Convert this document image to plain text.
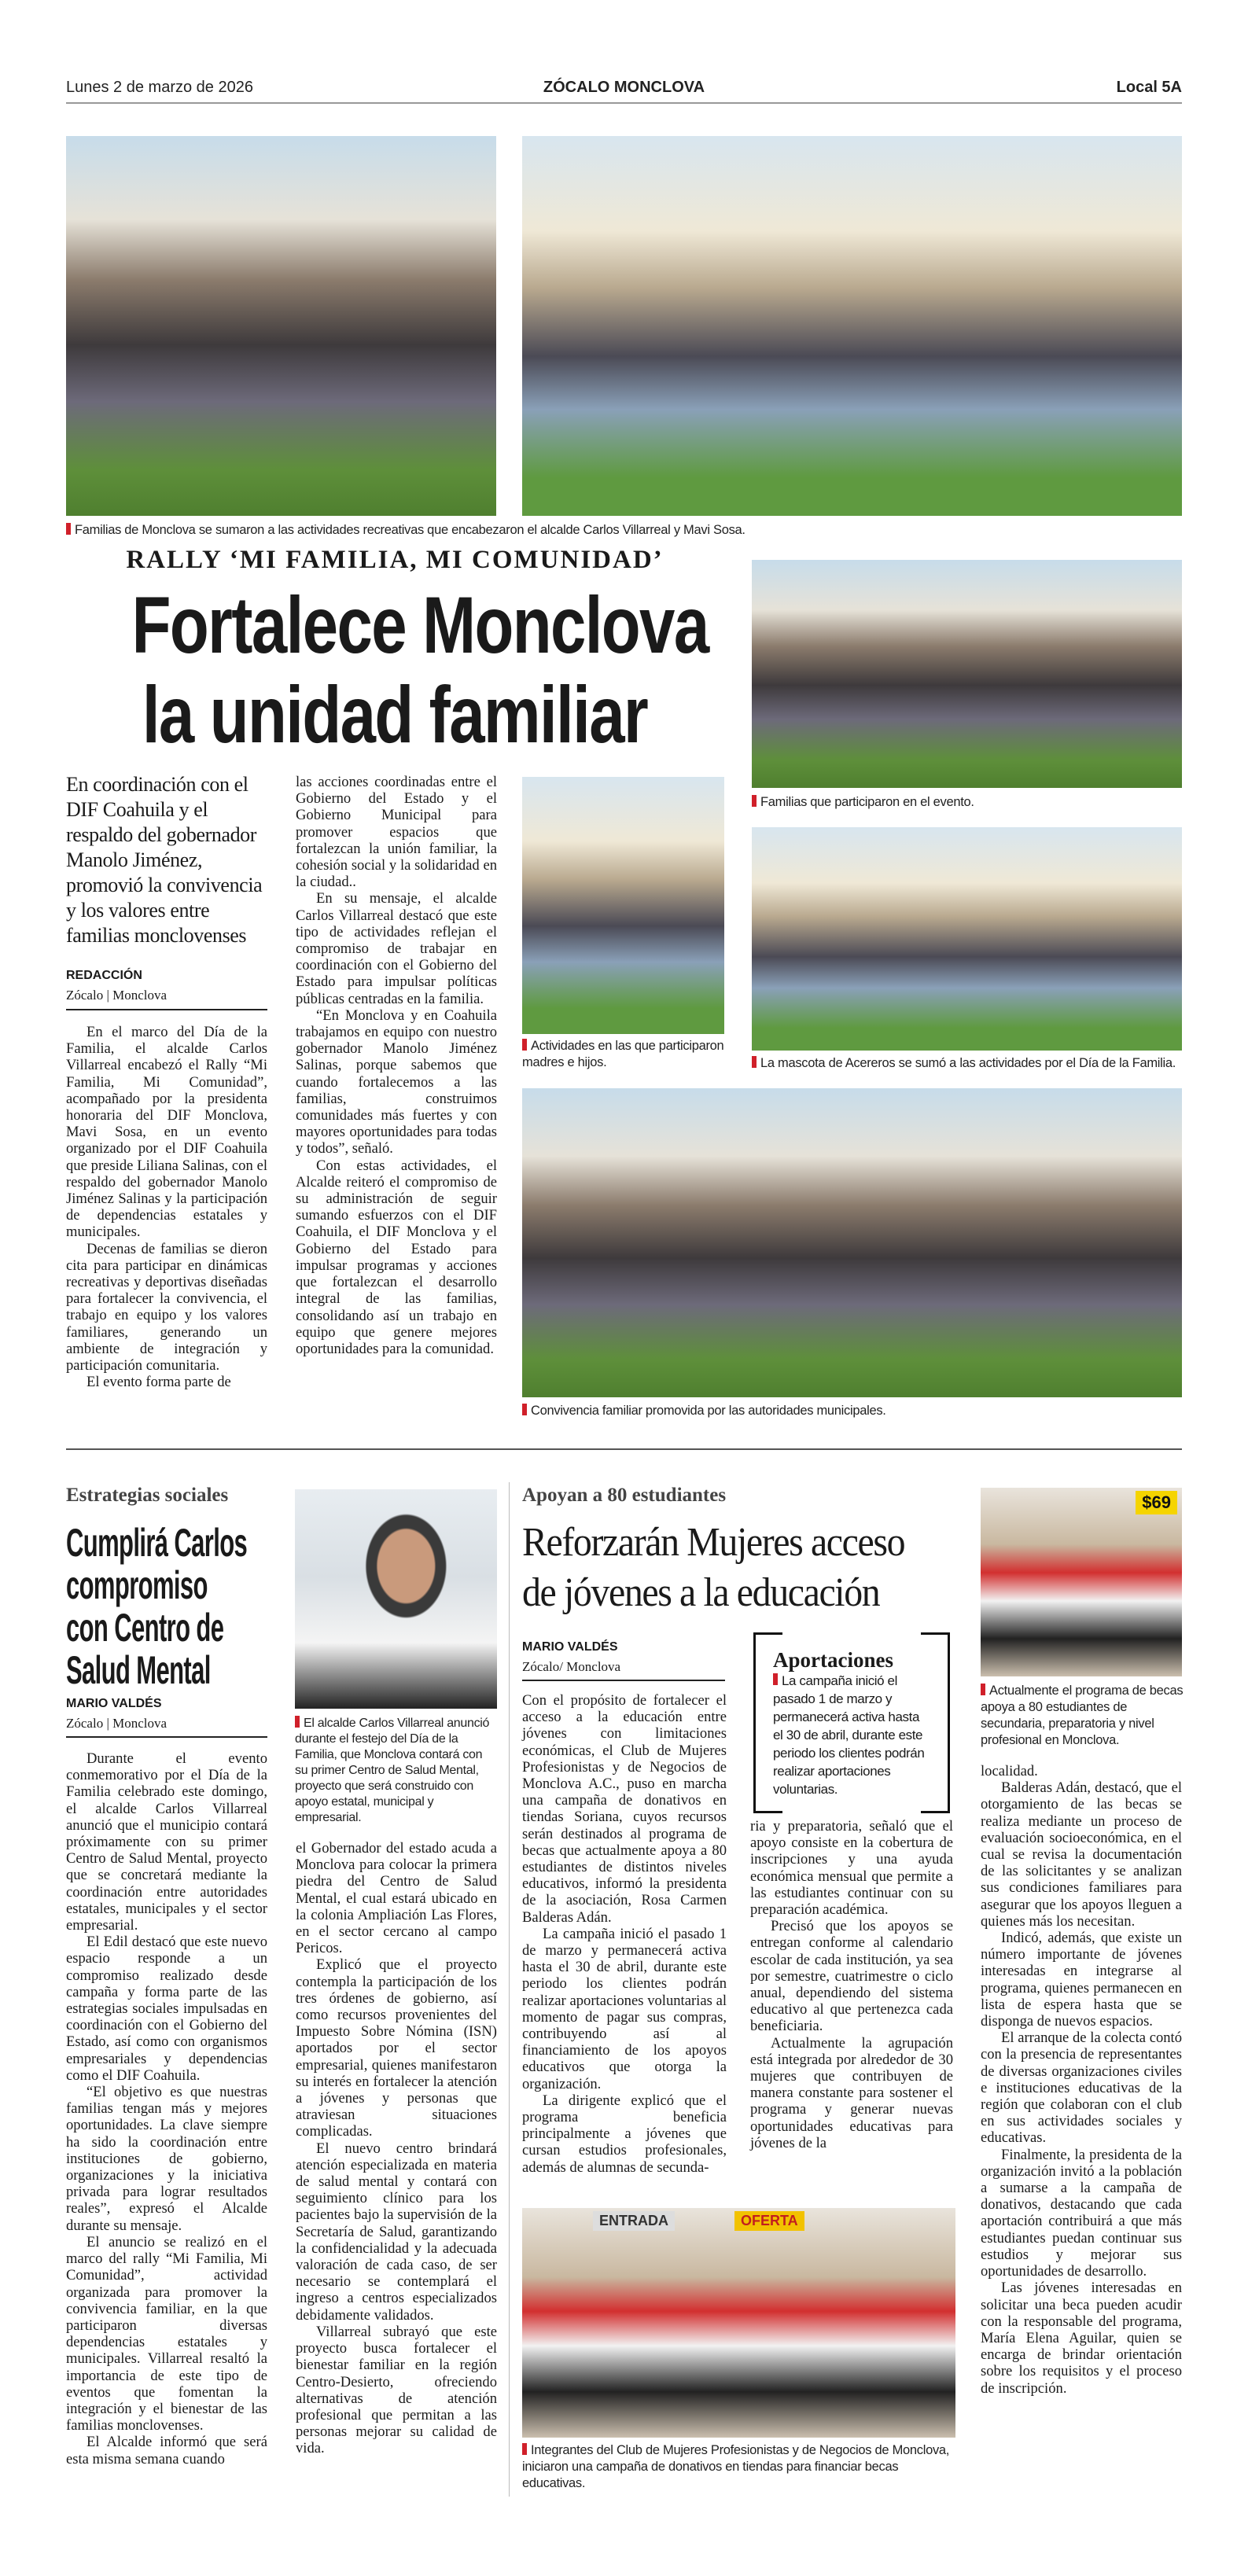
Lunes 2 de marzo de 2026	ZÓCALO MONCLOVA	Local 5A
Familias de Monclova se sumaron a las actividades recreativas que encabezaron el alcalde Carlos Villarreal y Mavi Sosa.
RALLY ‘MI FAMILIA, MI COMUNIDAD’
Fortalece Monclova
la unidad familiar
En coordinación con el DIF Coahuila y el respaldo del gobernador Manolo Jiménez, promovió la convivencia y los valores entre familias monclovenses
REDACCIÓN
Zócalo | Monclova

En el marco del Día de la Familia, el alcalde Carlos Villarreal encabezó el Rally “Mi Familia, Mi Comunidad”, acompañado por la presidenta honoraria del DIF Monclova, Mavi Sosa, en un evento organizado por el DIF Coahuila que preside Liliana Salinas, con el respaldo del gobernador Manolo Jiménez Salinas y la participación de dependencias estatales y municipales.

Decenas de familias se dieron cita para participar en dinámicas recreativas y deportivas diseñadas para fortalecer la convivencia, el trabajo en equipo y los valores familiares, generando un ambiente de integración y participación comunitaria.

El evento forma parte de

las acciones coordinadas entre el Gobierno del Estado y el Gobierno Municipal para promover espacios que fortalezcan la unión familiar, la cohesión social y la solidaridad en la ciudad..

En su mensaje, el alcalde Carlos Villarreal destacó que este tipo de actividades reflejan el compromiso de trabajar en coordinación con el Gobierno del Estado para impulsar políticas públicas centradas en la familia.

“En Monclova y en Coahuila trabajamos en equipo con nuestro gobernador Manolo Jiménez Salinas, porque sabemos que cuando fortalecemos a las familias, construimos comunidades más fuertes y con mayores oportunidades para todas y todos”, señaló.

Con estas actividades, el Alcalde reiteró el compromiso de su administración de seguir sumando esfuerzos con el DIF Coahuila, el DIF Monclova y el Gobierno del Estado para impulsar programas y acciones que fortalezcan el desarrollo integral de las familias, consolidando así un trabajo en equipo que genere mejores oportunidades para la comunidad.

Familias que participaron en el evento.
Actividades en las que participaron madres e hijos.	La mascota de Acereros se sumó a las actividades por el Día de la Familia.
Convivencia familiar promovida por las autoridades municipales.
Estrategias sociales
Cumplirá Carlos
compromiso
con Centro de
Salud Mental
MARIO VALDÉS
Zócalo | Monclova

Durante el evento conmemorativo por el Día de la Familia celebrado este domingo, el alcalde Carlos Villarreal anunció que el municipio contará próximamente con su primer Centro de Salud Mental, proyecto que se concretará mediante la coordinación entre autoridades estatales, municipales y el sector empresarial.

El Edil destacó que este nuevo espacio responde a un compromiso realizado desde campaña y forma parte de las estrategias sociales impulsadas en coordinación con el Gobierno del Estado, así como con organismos empresariales y dependencias como el DIF Coahuila.

“El objetivo es que nuestras familias tengan más y mejores oportunidades. La clave siempre ha sido la coordinación entre instituciones de gobierno, organizaciones y la iniciativa privada para lograr resultados reales”, expresó el Alcalde durante su mensaje.

El anuncio se realizó en el marco del rally “Mi Familia, Mi Comunidad”, actividad organizada para promover la convivencia familiar, en la que participaron diversas dependencias estatales y municipales. Villarreal resaltó la importancia de este tipo de eventos que fomentan la integración y el bienestar de las familias monclovenses.

El Alcalde informó que será esta misma semana cuando

El alcalde Carlos Villarreal anunció durante el festejo del Día de la Familia, que Monclova contará con su primer Centro de Salud Mental, proyecto que será construido con apoyo estatal, municipal y empresarial.

el Gobernador del estado acuda a Monclova para colocar la primera piedra del Centro de Salud Mental, el cual estará ubicado en la colonia Ampliación Las Flores, en el sector cercano al campo Pericos.

Explicó que el proyecto contempla la participación de los tres órdenes de gobierno, así como recursos provenientes del Impuesto Sobre Nómina (ISN) aportados por el sector empresarial, quienes manifestaron su interés en fortalecer la atención a jóvenes y personas que atraviesan situaciones complicadas.

El nuevo centro brindará atención especializada en materia de salud mental y contará con seguimiento clínico para los pacientes bajo la supervisión de la Secretaría de Salud, garantizando la confidencialidad y la adecuada valoración de cada caso, de ser necesario se contemplará el ingreso a centros especializados debidamente validados.

Villarreal subrayó que este proyecto busca fortalecer el bienestar familiar en la región Centro-Desierto, ofreciendo alternativas de atención profesional que permitan a las personas mejorar su calidad de vida.

Apoyan a 80 estudiantes
Reforzarán Mujeres acceso
de jóvenes a la educación
MARIO VALDÉS
Zócalo/ Monclova

Con el propósito de fortalecer el acceso a la educación entre jóvenes con limitaciones económicas, el Club de Mujeres Profesionistas y de Negocios de Monclova A.C., puso en marcha una campaña de donativos en tiendas Soriana, cuyos recursos serán destinados al programa de becas que actualmente apoya a 80 estudiantes de distintos niveles educativos, informó la presidenta de la asociación, Rosa Carmen Balderas Adán.

La campaña inició el pasado 1 de marzo y permanecerá activa hasta el 30 de abril, durante este periodo los clientes podrán realizar aportaciones voluntarias al momento de pagar sus compras, contribuyendo así al financiamiento de los apoyos educativos que otorga la organización.

La dirigente explicó que el programa beneficia principalmente a jóvenes que cursan estudios profesionales, además de alumnas de secunda-

Aportaciones
La campaña inició el pasado 1 de marzo y permanecerá activa hasta el 30 de abril, durante este periodo los clientes podrán realizar aportaciones voluntarias.

ria y preparatoria, señaló que el apoyo consiste en la cobertura de inscripciones y una ayuda económica mensual que permite a las estudiantes continuar con su preparación académica.

Precisó que los apoyos se entregan conforme al calendario escolar de cada institución, ya sea por semestre, cuatrimestre o ciclo anual, dependiendo del sistema educativo al que pertenezca cada beneficiaria.

Actualmente la agrupación está integrada por alrededor de 30 mujeres que contribuyen de manera constante para sostener el programa y generar nuevas oportunidades educativas para jóvenes de la

ENTRADA	OFERTA
Integrantes del Club de Mujeres Profesionistas y de Negocios de Monclova, iniciaron una campaña de donativos en tiendas para financiar becas educativas.
$69
Actualmente el programa de becas apoya a 80 estudiantes de secundaria, preparatoria y nivel profesional en Monclova.

localidad.

Balderas Adán, destacó, que el otorgamiento de las becas se realiza mediante un proceso de evaluación socioeconómica, en el cual se revisa la documentación de las solicitantes y se analizan sus condiciones familiares para asegurar que los apoyos lleguen a quienes más los necesitan.

Indicó, además, que existe un número importante de jóvenes interesadas en integrarse al programa, quienes permanecen en lista de espera hasta que se disponga de nuevos espacios.

El arranque de la colecta contó con la presencia de representantes de diversas organizaciones civiles e instituciones educativas de la región que colaboran con el club en sus actividades sociales y educativas.

Finalmente, la presidenta de la organización invitó a la población a sumarse a la campaña de donativos, destacando que cada aportación contribuirá a que más estudiantes puedan continuar sus estudios y mejorar sus oportunidades de desarrollo.

Las jóvenes interesadas en solicitar una beca pueden acudir con la responsable del programa, María Elena Aguilar, quien se encarga de brindar orientación sobre los requisitos y el proceso de inscripción.
